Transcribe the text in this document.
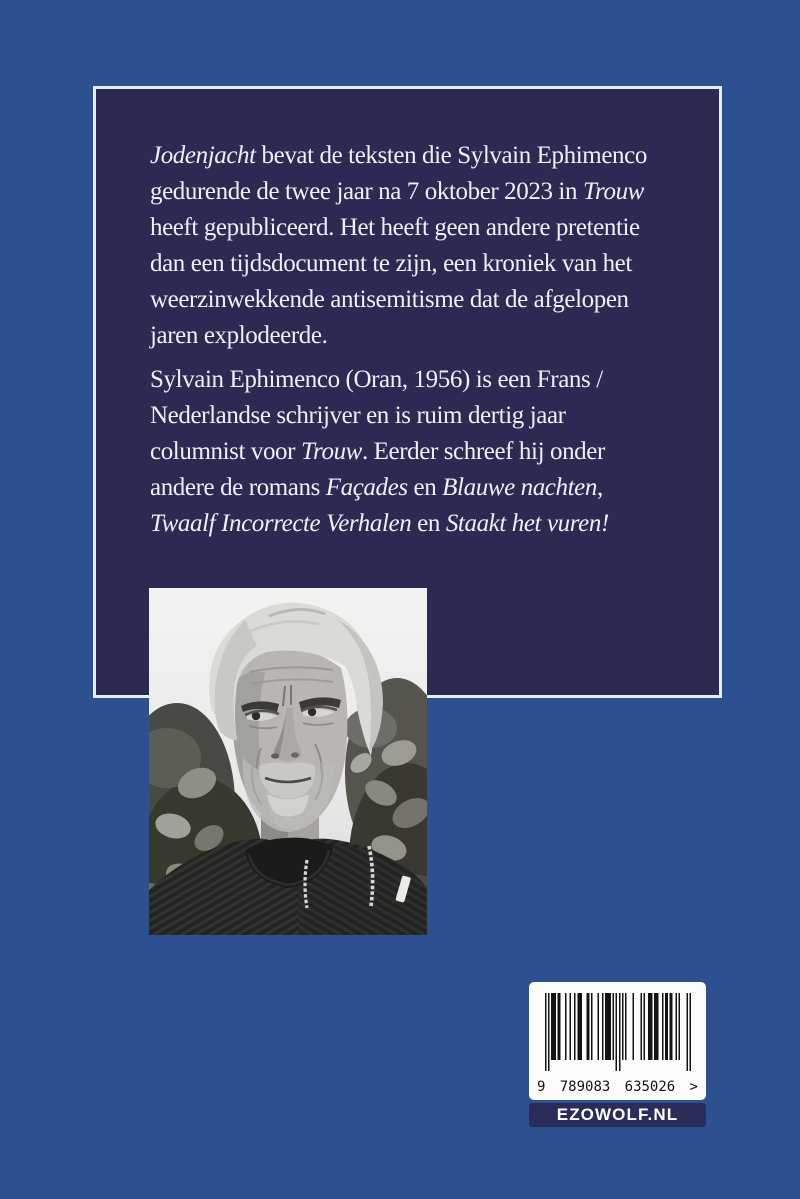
Jodenjacht bevat de teksten die Sylvain Ephimenco
gedurende de twee jaar na 7 oktober 2023 in Trouw
heeft gepubliceerd. Het heeft geen andere pretentie
dan een tijdsdocument te zijn, een kroniek van het
weerzinwekkende antisemitisme dat de afgelopen
jaren explodeerde.
Sylvain Ephimenco (Oran, 1956) is een Frans /
Nederlandse schrijver en is ruim dertig jaar
columnist voor Trouw. Eerder schreef hij onder
andere de romans Façades en Blauwe nachten,
Twaalf Incorrecte Verhalen en Staakt het vuren!
9 789083 635026 >
EZOWOLF.NL
